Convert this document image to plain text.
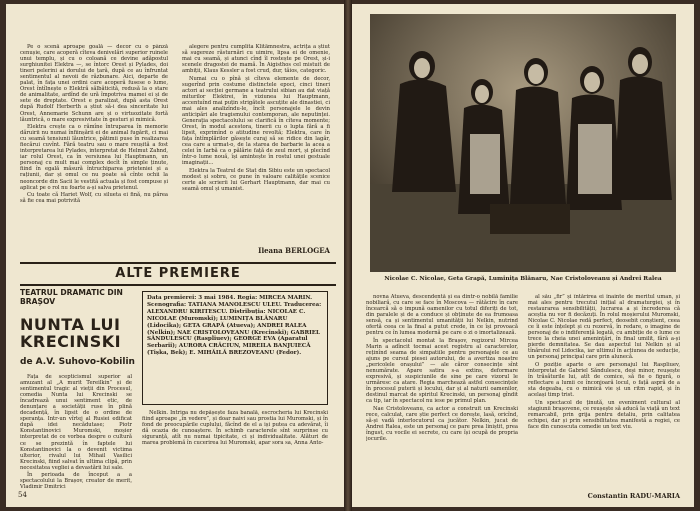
Pe o scenă aproape goală — decor cu o pânză cenușie, care acoperă cîteva denivelări superior ruinele unui templu, și cu o coloană ce devine adăpostul surghiunitei Elektra —, se întorc Orest și Pylades, doi tineri pelerini ai dorului de țară, după ce au înfruntat sentimentul al nevoii de răzbunare. Aici, departe de palat, în fața unei ordini care acoperă fusese o lume, Orest întîlnește o Elektră sălbăticită, redusă la o stare de animalitate, ardînd de ură împotriva mamei ei și de sete de dreptate. Orest e paralizat, după asta Orest după Rudolf Herberth a știut să-i dea sinceritate lui Orest, Annemarie Schunn are și o virtuozitate fortă lăuntrică, o mare expresivitate în gesturi și mimică.

Elektra crește ca o rămîne întruparea în memorie dăruirii nu numai înfiinșării ei de animal fugărit, ci mai cu seamă tensiunii lăuntrice, pătimii puse în realizarea fiecărui cuvînt. Fără teatru sau o mare reușită a fost interpretarea lui Pylades, interpretat de Helmut Zahnd, iar rolul Orest, ca în versiunea lui Hauptmann, un personaj cu mult mai complex decît în simple ținute, fiind în egală măsură întruchiparea prieteniei și a rațiunii, dar și omul ce nu poate să cînte ochii la neoncorde din Sacii le vestită actuala și fost compuse și aplicat pe o rol nu foarte a-și salva prietenul.

Cu toate că Hariet Wolf, cu silueta ei fină, nu părea să fie cea mai potrivită

alegere pentru cumplita Klitämnestra, actrița a știut să sugereze răsturnări cu uimire, lipsa ei de omenie, mai cu seamă, și atunci cînd îl rostește pe Orest, și-i scenele dragostei de mamă. În Aigisthos cel mistuit de ambiții, Klaus Kessler a fost crud, dur, tăios, categoric.

Numai cu o pînă și cîteva elemente de decor, sugerînd prin costume distinctele epoci, cinci tineri actori ai secției germane a teatrului sibian au dat viață miturilor Elektrei, în viziunea lui Hauptmann, accentuînd mai puțin strigătele ascuțite ale dinastiei, ci mai ales analizîndu-le, încît personajele le devin anticipări ale tragismului contemporan, ale neputinței. Generația spectacolului se clarifică în cîteva momente; Orest, în modul acestora, tinerii cu o lupta fără a fi lipsit, exprimînd o atitudine revoltă; Elektra, care în fața întîmplărilor găsește curaj să se ridice din lagăr, cea care a urmat-o, de la starea de barbarie la acea a celei în Iarbă ca o pălărie față de zeul mort, și plecînd într-o lume nouă, își amintește în rostul unei gestuale imaginații...

Elektra la Teatrul de Stat din Sibiu este un spectacol modest și sobru, ce pune în valoare calitățile scenice certe ale scrierii lui Gerhart Hauptmann, dar mai cu seamă omul și umanist.

Ileana BERLOGEA
ALTE PREMIERE
TEATRUL DRAMATIC DIN BRAȘOV
NUNTA LUI KRECINSKI
de A.V. Suhovo-Kobilin
Data premierei: 3 mai 1984. Regia: MIRCEA MARIN. Scenografia: TATIANA MANOLESCU ULEU. Traducerea: ALEXANDRU KIRITESCU. Distribuția: NICOLAE C. NICOLAE (Muromski); LUMINIȚA BLĂNARU (Lidocika); GETA GRAPĂ (Atueva); ANDREI RALEA (Nelkin); NAE CRISTOLOVEANU (Krecinski); GABRIEL SĂNDULESCU (Raspliuev); GEORGE EVA (Aparatul Serbarii); AURORA CRĂCIUN, MIREILA BANJUIECĂ (Tișka, Bek); E. MIHĂILĂ BREZOVEANU (Fedor).

Fața de scepticismul superior al amuzant al „A murit Tereilkin” și de sentimentul tragic al vieții din Procesul, comedia Nunta lui Krecinski se încadrează unui sentiment etic, de denunțare a societății ruse în plină decadență, în lipsit de o ordine de speranța. Intr-un vîrtej al Rusiei edificat după idei necădutase; Piotr Konstantinovici Muromski, moșier interpretat de ce vorbea despre o cultură ce se prezintă în faptele lui Konstantinovici la o devenit victima ulterior, rivalul lui Mihail Vasilici Krecinski, fiind salvat în ultima clipă, prin necesitatea vegliei a devastării lui sale.

În perioada de început a a spectacolului la Brașov, creator de merit, Vladimir Dmitrici

Nelkin. Intriga nu depășește faza banală, escrocheria lui Krecinski fiind aproape „în vedere”, și doar naivi sau prostia lui Muromski, și în fond de preocupările cuplului, făcînd de el a iși putea cu adevărat, îi dă ocazia de cunoaștere. În schimb caracterele sînt surprinse cu siguranță, atît nu numai tipicitate, ci și individualitate. Alături de marea problemă în cucerirea lui Muromski, apar sora sa, Anna Anto-

54
Nicolae C. Nicolae, Geta Grapă, Luminița Blănaru, Nae Cristoloveanu și Andrei Ralea

novna Atueva, descendentă și ea dintr-o nobilă familie nobiliară, cu care se face în Moscova — rătăcire în care încearcă să o impună oamenilor cu totul diferiți de tot, din paralele și de a conduce și obținute de ea frumoasa sensă, ca și sentimentul umanității lui Nelkin, nutrind ofertă ceea ce la final a putut crede, în ce își provoacă pentru ce în lumea modernă pe care o zi o imortalizează.

În spectacolul montat la Brașov, regizorul Mircea Marin a adîncit tocmai acest registru al caracterelor, reținînd seama de simpatiile pentru personajele ce au ajuns pe cursul piesei autorului, de a avertiza noastre „pericolele orașului” — ale căror consecințe sînt nenumărate. Apare satira s-a extins, deformare expresivă, și suspiciunile de sine pe care vizorul le urmăresc ca atare. Regia marchează astfel consecințele în procesul puterii și locului, dar și al naturii oamenilor, destinul marcat de spiritul Krecinski, un personaj gîndit ca tip, iar în spectacol nu iese pe primul plan.

Nae Cristoloveanu, ca actor a construit un Krecinski rece, calculat, care știe perfect ce dorește, lasă, oricînd, să-și vadă interlocutorul ca jucător. Nelkin, jucat de Andrei Ralea, este un personaj ce pare prea liniștit, prea îngust, cu vocile ei secrete, cu care își ocupă de propria jocurile.

al său „fir” și întărirea ei înainte de meritul uman, și mai ales pentru trecutul inițial al dramaturgiei, și în restaurarea sensibilității, lucrarea a și încrederea că aceștia nu vor fi decăzuți. În rolul moșierului Muromski, Nicolae C. Nicolae redă perfect, deosebit conștient, ceea ce îi este înțelept și cu rezervă, în redare, o imagine de personaj de o indiferență legată, cu ambiție de o lume ce trece la cheia unei amenințări, în final umilit, fără a-și pierde demnitatea. Se dau aspectul lui Nelkin și al tînărului rol Lidocika, iar ultimul în acțiunea de seducție, un personaj principal care prin alunecă.

O poziție aparte o are personajul lui Raspliuev, interpretat de Gabriel Săndulescu, deși minor, reușește în trăsăturile lui, atît de comice, să fie o figură, o reflectare a lumii ce înconjoară locul, o față aspră de a sta degeaba, cu o mimică vie și un ritm rapid, și în același timp trist.

Un spectacol de ținută, un eveniment cultural al stagiunii brașovene, ce reușește să aducă la viață un text remarcabil, prin grija pentru detaliu, prin calitatea echipei, dar și prin sensibilitatea manifestă a regiei, ce face din cunoscuta comedie un text viu.

Constantin RADU-MARIA
